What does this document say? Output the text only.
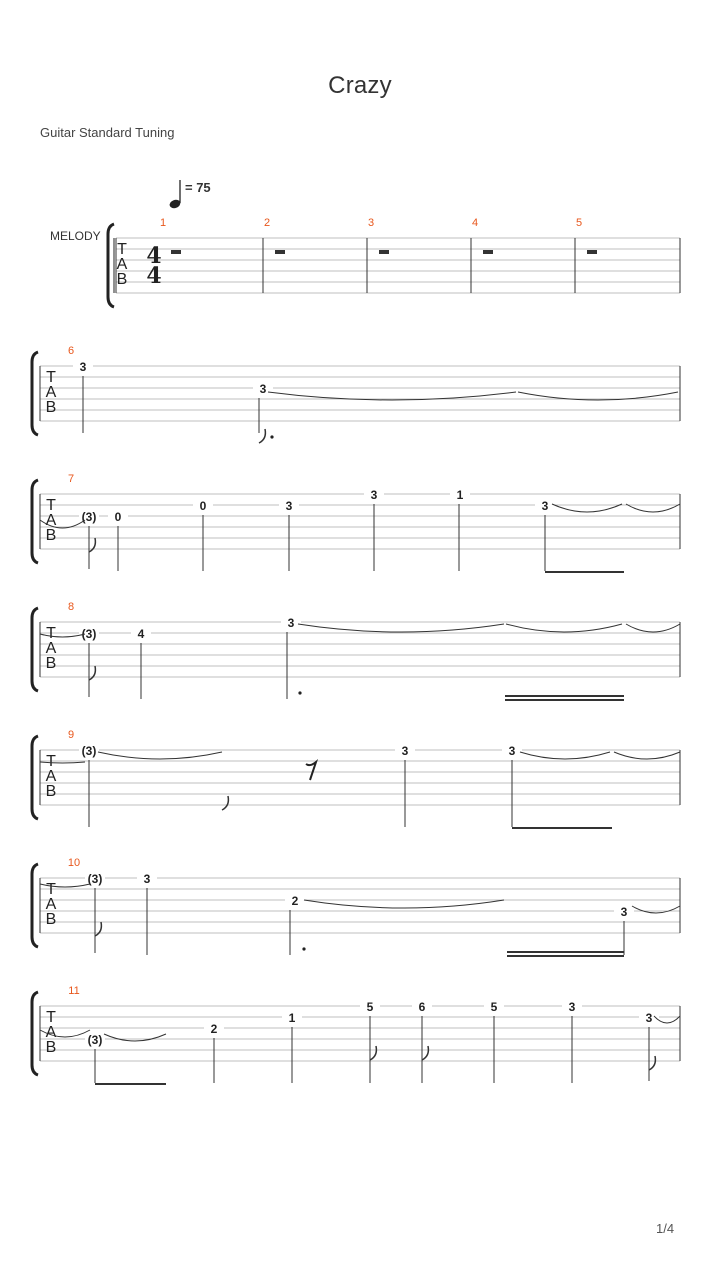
Crazy
Guitar Standard Tuning
= 75
MELODY
T
A
B
4
4
1	2	3	4	5
T
A
B
6
3
3
T
A
B
7
(3) 0
0	3
3	1
3
T
A
B
8
(3)	4
3
T
A
B
9
(3)	3	3
T
A
B
10
(3)	3
2
3
T
A
B
11
(3)
2
1
5	6	5	3
3
1/4
